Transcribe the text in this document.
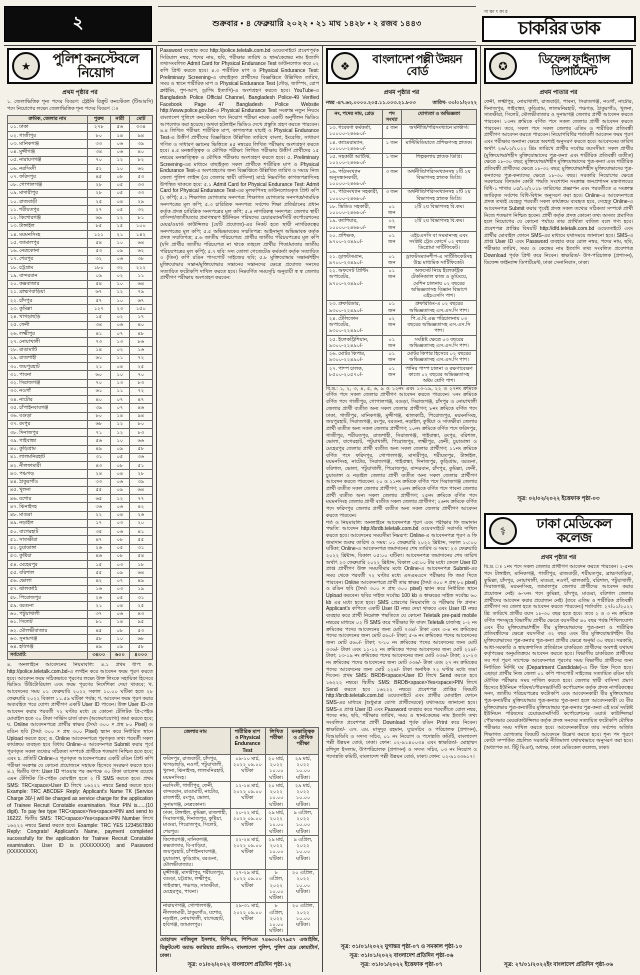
২	শুক্রবার • ৪ ফেব্রুয়ারি ২০২২ • ২১ মাঘ ১৪২৮ • ২ রজব ১৪৪৩
সা ক্ষা ৎ কা র
চাকরির ডাক
★
পুলিশ কনস্টেবলে নিয়োগ
প্রথম পৃষ্ঠার পর
১. জেলাভিত্তিক শূন্য পদের বিবরণ: ট্রেইনি রিক্রুট কনস্টেবল (টিআরসি) পদে নিয়োগের লক্ষ্যে জেলাভিত্তিক শূন্য পদের বিবরণ ঃ
ক্রমিক, জেলার নাম	পুরুষ	নারী	মোট
০১. ঢাকা	২৭৮	৫৬	৩৩৪
০২. গাজীপুর	৮০	১৪	৯৪
০৩. মানিকগঞ্জ	৩৩	০৬	৩৯
০৪. মুন্সীগঞ্জ	৩৪	০৬	৪০
০৫. নারায়ণগঞ্জ	৭০	১২	৮২
০৬. নরসিংদী	৫২	১০	৬২
০৭. ফরিদপুর	৪৫	০৮	৫৩
০৮. গোপালগঞ্জ	২৮	০৫	৩৩
০৯. মাদারীপুর	২৮	০৫	৩৩
১০. রাজবাড়ী	২৫	০৪	২৯
১১. শরীয়তপুর	২৭	০৫	৩২
১২. কিশোরগঞ্জ	৬৯	১২	৮১
১৩. টাঙ্গাইল	৮৫	১৫	১০০
১৪. ময়মনসিংহ	১২১	২১	১৪২
১৫. জামালপুর	৫৪	১০	৬৪
১৬. নেত্রকোনা	৫৩	০৯	৬২
১৭. শেরপুর	৩২	০৬	৩৮
১৮. চট্টগ্রাম	১৮০	৩২	২১২
১৯. বান্দরবান	০৯	০২	১১
২০. কক্সবাজার	৫৪	১০	৬৪
২১. ব্রাহ্মণবাড়িয়া	৬৭	১২	৭৯
২২. চাঁদপুর	৫৭	১০	৬৭
২৩. কুমিল্লা	১২৭	২৩	১৫০
২৪. খাগড়াছড়ি	১৫	০২	১৭
২৫. ফেনী	৩৪	০৬	৪০
২৬. লক্ষ্মীপুর	৪১	০৭	৪৮
২৭. নোয়াখালী	৭৩	১৩	৮৬
২৮. রাঙামাটি	১৪	০২	১৬
২৯. রাজশাহী	৬১	১১	৭২
৩০. জয়পুরহাট	২১	০৪	২৫
৩১. পাবনা	৬০	১০	৭০
৩২. সিরাজগঞ্জ	৭০	১৩	৮৩
৩৩. নওগাঁ	৬১	১১	৭২
৩৪. নাটোর	৪০	০৭	৪৭
৩৫. চাঁপাইনবাবগঞ্জ	৩৯	০৭	৪৬
৩৬. বগুড়া	৮০	১৪	৯৪
৩৭. রংপুর	৬৮	১২	৮০
৩৮. দিনাজপুর	৭১	১২	৮৩
৩৯. গাইবান্ধা	৫৬	১০	৬৬
৪০. কুড়িগ্রাম	৪৯	০৯	৫৮
৪১. লালমনিরহাট	৩১	০৫	৩৬
৪২. নীলফামারী	৪৩	০৮	৫১
৪৩. পঞ্চগড়	২৪	০৪	২৮
৪৪. ঠাকুরগাঁও	৩৩	০৬	৩৯
৪৫. খুলনা	৫৫	০৯	৬৪
৪৬. যশোর	৬৫	১২	৭৭
৪৭. ঝিনাইদহ	৩৬	০৬	৪২
৪৮. মাগুরা	২২	০৪	২৬
৪৯. নড়াইল	১৭	০৩	২০
৫০. বাগেরহাট	৩৫	০৬	৪১
৫১. সাতক্ষীরা	৪৭	০৮	৫৫
৫২. চুয়াডাঙ্গা	২৬	০৫	৩১
৫৩. কুষ্টিয়া	৪৬	০৮	৫৪
৫৪. মেহেরপুর	১৫	০৩	১৮
৫৫. বরিশাল	৫৫	০৯	৬৪
৫৬. ভোলা	৪২	০৭	৪৯
৫৭. ঝালকাঠি	১৬	০৩	১৯
৫৮. পিরোজপুর	২৬	০৫	৩১
৫৯. বরগুনা	২১	০৪	২৫
৬০. পটুয়াখালী	৩৭	০৬	৪৩
৬১. সিলেট	৮১	১৪	৯৫
৬২. মৌলভীবাজার	৪৫	০৮	৫৩
৬৩. সুনামগঞ্জ	৫৮	১০	৬৮
৬৪. হবিগঞ্জ	৪৯	০৯	৫৮
সর্বমোট:	৩৪০০	৬০০	৪০০০
৪. অনলাইনে আবেদনের নিয়মাবলি: ৪.১ প্রথম ধাপ: ক. http://police.teletalk.com.bd-এ লগইন করে আবেদন ফরম পূরণ করতে হবে। আবেদন ফরম সঠিকভাবে পূরণের লক্ষ্যে উক্ত লিংকে সহায়িকা হিসেবে ভিডিও টিউটোরিয়াল এবং ফরম পূরণের নির্দেশিকা দেয়া থাকবে; খ. আবেদনের সময় ০১ ফেব্রুয়ারি ২০২২ সকাল ১০.০০ ঘটিকা হতে ২৮ ফেব্রুয়ারি ২০২২ বিকাল ১১.৫৯ ঘটিকা পর্যন্ত; গ. আবেদন ফরম পূরণ করার অব্যবহিত পরে যোগ্য প্রার্থীগণ একটি User ID পাবেন। উক্ত User ID-তে আবেদন করার পরবর্তী ৭২ ঘণ্টার মধ্যে যে কোনো টেলিটক প্রি-পেইড মোবাইল হতে ৩০ টাকা সার্ভিস চার্জ বাবদ (অফেরৎযোগ্য) জমা করতে হবে; ঘ. Online আবেদনপত্রে প্রার্থীর স্বাক্ষর (দৈর্ঘ্য ৩০০ × প্রস্থ ৮০ Pixel) ও রঙিন ছবি (দৈর্ঘ্য ৩০০ × প্রস্থ ৩০০ Pixel) স্ক্যান করে নির্ধারিত স্থানে Upload করতে হবে; ঙ. Online আবেদনপত্রে পূরণকৃত তথ্য পরবর্তী সকল কার্যক্রমে ব্যবহৃত হবে বিধায় Online-এ আবেদনপত্র Submit করার পূর্বে পূরণকৃত সকল তথ্যের সঠিকতা সম্পর্কে প্রার্থীকে শতভাগ নিশ্চিত হতে হবে; এবং চ. প্রতিটি Online-এ পূরণকৃত আবেদনপত্রের একটি রঙিন প্রিন্ট কপি পরীক্ষা সংক্রান্ত যে কোনো প্রয়োজনে সহায়ক হিসেবে সংরক্ষণ করতে হবে। ৪.২ দ্বিতীয় ধাপ: User ID পাওয়ার পর কমপক্ষে ৩০ টাকা ব্যালেন্স রয়েছে এমন টেলিটক প্রি-পেইড মোবাইল হতে ২ টি SMS করতে হবে। প্রথম SMS: TRC<space>User ID লিখে ১৬২২২ নম্বরে Send করতে হবে। Example: TRC ABCDEF Reply: Applicant's Name TK (Service Charge 30/-) will be charged as service charge for the application of Trainee Recruit Constable examination. Your PIN is......(10 digit). To pay fee type TRC<space>Yes<space>PIN and send to 16222. দ্বিতীয় SMS: TRC<space>Yes<space>PIN Number লিখে ১৬২২২ নম্বরে Send করতে হবে। Example: TRC YES 1234567890 Reply: Congrats! Applicant's Name, payment completed successfully for the application for Trainee Recruit Constable examination. User ID is (XXXXXXXX) and Password (XXXXXXXX).
Password ব্যবহার করে http://police.teletalk.com.bd ওয়েবসাইটে প্রবেশপূর্বক সিরিয়াল নম্বর, পদের নাম, ছবি, পরীক্ষার তারিখ ও স্থান/কেন্দ্রের নাম ইত্যাদি তথ্যসংবলিত Admit Card for Physical Endurance Test ডাউনলোড করে ০২ কপি প্রিন্ট করতে হবে। ৪.৩ শারীরিক মাপ ও Physical Endurance Test: Preliminary Screening-এ বাছাইকৃত প্রার্থীদের বিজ্ঞপ্তিতে উল্লিখিত তারিখ, সময় ও স্থানে শারীরিক মাপ ও Physical Endurance Test (দৌড়, জাম্পিং, রোপ ক্লাইমিং, পুশ-আপ, ড্রাগিং ইত্যাদি)-এ অংশগ্রহণ করতে হবে। YouTube-এ Bangladesh Police Official Channel, Bangladesh Police-49 Verified Facebook Page 47 Bangladesh Police Website http://www.police.gov.bd-এ Physical Endurance Test সংক্রান্ত নতুন নিয়মে বাংলাদেশ পুলিশে কনস্টেবল পদে নিয়োগ পরীক্ষা নামক একটি অনুশীলন ভিডিও আপলোড করা হয়েছে। অথবা হটলাইন ভিডিও দেখে প্রস্তুতি গ্রহণ করতে পারবেন। ৪.৪ লিখিত পরীক্ষা: শারীরিক মাপ, কাগজপত্র যাচাই ও Physical Endurance Test-এ উত্তীর্ণ প্রার্থীদের বিজ্ঞপ্তিতে উল্লিখিত তারিখে বাংলা, ইংরেজি, সাধারণ গণিত ও সাধারণ জ্ঞানের ভিত্তিতে ৪৫ নম্বরের লিখিত পরীক্ষায় অংশগ্রহণ করতে হবে। ৪.৫ মনস্তাত্ত্বিক ও মৌখিক পরীক্ষা: লিখিত পরীক্ষায় উত্তীর্ণ প্রার্থীদের ১৫ নম্বরের মনস্তাত্ত্বিক ও মৌখিক পরীক্ষায় অংশগ্রহণ করতে হবে। ৫. Preliminary Screening-এর মাধ্যমে বাছাইকৃত সকল প্রার্থীকে শারীরিক মাপ ও Physical Endurance Test-এ অংশগ্রহণের জন্য বিজ্ঞপ্তিতে উল্লিখিত তারিখ ও সময়ে নিজ জেলা পুলিশ লাইন্স (যে জেলার স্থায়ী বাসিন্দা) মাঠে নিম্নবর্ণিত কাগজপত্রাদিসহ উপস্থিত থাকতে হবে: ৫.১ Admit Card for Physical Endurance Test: Admit Card for Physical Endurance Test-এর মূলকপিসহ ডাউনলোডকৃত প্রিন্ট কপি (২ কপি); ৫.২ শিক্ষাগত যোগ্যতার সনদপত্র: শিক্ষাগত যোগ্যতার সনদপত্র/সাময়িক সনদপত্রের মূল কপি; ৫.৩ চারিত্রিক সনদপত্র: সর্বশেষ শিক্ষা প্রতিষ্ঠানের প্রধান কর্তৃক প্রদত্ত চারিত্রিক সনদপত্রের মূল কপি; ৫.৪ নাগরিকত্ব সনদপত্র: জেলার স্থায়ী বাসিন্দা/জাতীয়তার প্রমাণস্বরূপ ইউনিয়ন পরিষদের চেয়ারম্যান/সিটি কর্পোরেশনের মেয়র/ওয়ার্ড কাউন্সিলর (যেটি প্রযোজ্য)-এর নিকট হতে স্থায়ী নাগরিকত্বের সনদপত্রের মূল কপি; ৫.৫ অভিভাবকের সম্মতিপত্র: আইনানুগ অভিভাবক কর্তৃক প্রদত্ত সম্মতিপত্র; ৫.৬ জাতীয় পরিচয়পত্র: প্রার্থীর জাতীয় পরিচয়পত্রের মূল কপি (যদি প্রার্থীর জাতীয় পরিচয়পত্র না থাকে তাহলে প্রার্থীর পিতা/মাতার জাতীয় পরিচয়পত্রের মূল কপি); ৫.৭ ছবি: সদ্য তোলা গেজেটেড কর্মকর্তা কর্তৃক সত্যায়িত ৩ (তিন) কপি রঙিন পাসপোর্ট সাইজের ছবি; ৫.৮ মুক্তিযোদ্ধার সন্তান/শহীদ মুক্তিযোদ্ধার সন্তান/মুক্তিযোদ্ধার সন্তানের সন্তানদের ক্ষেত্রে প্রযোজ্য সনদের সত্যায়িত ফটোকপি দাখিল করতে হবে। নিম্নবর্ণিত সময়সূচি অনুযায়ী স্ব স্ব জেলার প্রার্থীগণ পরীক্ষায় অংশগ্রহণ করবেন:
জেলার নাম	শারীরিক মাপ ও Physical Endurance Test	লিখিত পরীক্ষা	মনস্তাত্ত্বিক ও মৌখিক পরীক্ষা
ফরিদপুর, রাজবাড়ী, চাঁদপুর, খাগড়াছড়ি, নওগাঁ, পটুয়াখালী, খুলনা, ঝিনাইদহ, লালমনিরহাট, ময়মনসিংহ।	০৯-১০ মার্চ, ২০২২ ০৯.০০ ঘটিকা	২০ মার্চ, ২০২২ ১০.০০ ঘটিকা।	২৯ মার্চ, ২০২২ ১০.০০ ঘটিকা।
নরসিংদী, গাজীপুর, ফেনী, বান্দরবান, রাঙামাটি, নাটোর, রাজশাহী, রংপুর, ভোলা, সুনামগঞ্জ, নেত্রকোনা।	১২-১৪ মার্চ, ২০২২ ০৯.০০ ঘটিকা	২০ মার্চ, ২০২২ ১০.০০ ঘটিকা।	২৯ মার্চ, ২০২২ ১০.০০ ঘটিকা।
ঢাকা, টাঙ্গাইল, কুমিল্লা, রাজশাহী, সিরাজগঞ্জ, দিনাজপুর, কুষ্টিয়া, মাগুরা, পিরোজপুর, সিলেট, শেরপুর।	২০-২২ মার্চ, ২০২২ ০৯.০০ ঘটিকা	২৯ মার্চ, ২০২২ ১০.০০ ঘটিকা।	৯ এপ্রিল, ২০২২ ১০.০০ ঘটিকা।
কিশোরগঞ্জ, মানিকগঞ্জ, কক্সবাজার, বি-বাড়িয়া, জয়পুরহাট, চাঁপাইনবাবগঞ্জ, চুয়াডাঙ্গা, কুড়িগ্রাম, বরগুনা, মৌলভীবাজার।	২২-২৪ মার্চ, ২০২২ ০৯.০০ ঘটিকা	২৯ মার্চ, ২০২২ ১০.০০ ঘটিকা।	৯ এপ্রিল, ২০২২ ১০.০০ ঘটিকা।
মুন্সীগঞ্জ, মাদারীপুর, শরীয়তপুর, বগুড়া, চট্টগ্রাম, লক্ষ্মীপুর, গাইবান্ধা, পঞ্চগড়, সাতক্ষীরা, মেহেরপুর, পাবনা।	২৭-২৯ মার্চ, ২০২২ ০৯.০০ ঘটিকা	৮ এপ্রিল, ২০২২ ১০.০০ ঘটিকা।	২০ এপ্রিল, ২০২২ ১০.০০ ঘটিকা।
নারায়ণগঞ্জ, গোপালগঞ্জ, নীলফামারী, ঠাকুরগাঁও, যশোর, নড়াইল, নোয়াখালী, বাগেরহাট, হবিগঞ্জ, জামালপুর।	২৯-৩১ মার্চ, ২০২২ ০৯.০০ ঘটিকা	৮ এপ্রিল, ২০২২ ১০.০০ ঘটিকা।	২০ এপ্রিল, ২০২২ ১০.০০ ঘটিকা।
মোহাম্মদ নাজিবুল ইসলাম, বিপিএম, পিপিএম ৭৪৬৩০/২৭৯৫৭ এআইজি, রিক্রুটমেন্ট অ্যান্ড ক্যারিয়ার প্ল্যানিং-২ বাংলাদেশ পুলিশ, পুলিশ হেড কোয়ার্টার্স, ঢাকা।
সূত্র: ০১/০২/২০২২ বাংলাদেশ প্রতিদিন পৃষ্ঠা-১২
❖
বাংলাদেশ পল্লী উন্নয়ন বোর্ড
প্রথম পৃষ্ঠার পর
নম্বর -৪৭.৬২.০০০০.২০৫.১১.০০৩.২১.৮০৩	তারিখ- ৩০/০১/২০২২
নং, পদের নাম, গ্রেড	পদ সংখ্যা	যোগ্যতা ও অভিজ্ঞতা
১৩. গবেষণা কর্মকর্তা, ১০০০০-২৪৬৮০/-	৫ জন	অর্থনীতি/পরিসংখ্যানে মাস্টার্স।
১৪. ক্যামেরাম্যান, ১০০০০-২৪৬৮০/-	১ জন	মাল্টিমিডিয়াতে প্রশিক্ষণসহ স্নাতক।
১৫. সহকারী আর্টিস্ট, ১০২০০-২৪৬৮০/-	১ জন	শিল্পকলায় স্নাতক ডিগ্রি।
১৬. পরিসংখ্যান অনুসন্ধানকারী, ১০০০০-২৪৬৮০/-	৩ জন	অর্থনীতি/পরিসংখ্যানসহ ২টি ২য় বিভাগসহ স্নাতক ডিগ্রি।
১৭. পরিসংখ্যান সহকারী, ১০০০০-২৪৬৮০/-	৩ জন	অর্থনীতি/পরিসংখ্যানসহ ২টি ২য় বিভাগসহ স্নাতক ডিগ্রি।
১৮. ভিডিও সহকারী, ১০০০০-২৪৬৮০/-	০১ জন	২টি ২য় বিভাগসহ বি.কম।
১৯. ক্যাশিয়ার, ১০০০০-২৪৬৮০/-	০২ জন	২টি ২য় বিভাগসহ বি.কম।
২০. প্রশিক্ষক, ৯৭০০-২৩৪৯০/-	০১ জন	এইচএসসি বা সমমানসহ এবং সংশ্লিষ্ট ট্রেড কোর্সে ০২ বছরের ডিপ্লোমা সার্টিফিকেট।
২১. ড্রাফটসম্যান, ৯৭০০-২৩৪৯০/-	০১ জন	ড্রাফটসম্যানশীপ-এ সার্টিফিকেটসহ উচ্চ মাধ্যমিক সার্টিফিকেট।
২২. অফসেট প্রিন্টিং অপারেটর, ৯৭০০-২৩৪৯০/-	০১ জন	অফসেট নিয়ে ইলেকট্রিক টেকনিক্যাল কাজ ও ডুয়িংয়ে, মেশিন চালনায় ০২ বছরের অভিজ্ঞতাসহ বিজ্ঞান বিভাগে এইচএসসি পাশ।
২৩. প্রুফরিডার, ৯৩০০-২২৪৯০/-	০১ জন	প্রুফরিডিং-এ ০২ বছরের অভিজ্ঞতাসহ এস.এস.সি পাশ।
২৪. টেলিফোন অপারেটর, ৯৩০০-২২৪৯০/-	০২ জন	পি.এ.বি.এক্স পরিচালনায় ০৩ বছরের অভিজ্ঞতাসহ এস.এস.সি পাশ।
২৫. ইলেকট্রিশিয়ান, ৯৩০০-২২৪৯০/-	০১ জন	সংশ্লিষ্ট ক্ষেত্রে ০৩ বছরের অভিজ্ঞতাসহ এস.এস.সি পাশ।
২৬. মোটর কিপার, ৯৩০০-২২৪৯০/-	০১ জন	মোটর কিপার হিসেবে ০২ বছরের অভিজ্ঞতাসহ এস.এস.সি পাশ।
২৭. পাম্প চালক, ৮৫০০-২০৫৭০/-	০১ জন	পানির পাম্প চালনা ও রক্ষণাবেক্ষণ কাজে ০২ বছরের অভিজ্ঞতাসহ অষ্টম শ্রেণি পাশ।
বি.দ্র.: ১, ২, ৩, ৪, ৫, ৬, ৯ ও ১২নং এবং ১৩-১৯, ২২ ও ২৭নং ক্রমিকে বর্ণিত পদে সকল জেলার প্রার্থীগণ আবেদন করতে পারবেন। ৭নং ক্রমিকে বর্ণিত পদে গাজীপুর, গোপালগঞ্জ, বগুড়া, সিরাজগঞ্জ, চাঁদপুর ও নোয়াখালী জেলার প্রার্থী ব্যতীত অন্য সকল জেলার প্রার্থীগণ; ৮নং ক্রমিকে বর্ণিত পদে ঢাকা, গাজীপুর, মানিকগঞ্জ, মুন্সীগঞ্জ, ঝালকাঠি, পিরোজপুর, ময়মনসিংহ, জয়পুরহাট, সিরাজগঞ্জ, রংপুর, বরগুনা, নড়াইল, কুষ্টিয়া ও সাতক্ষীরা জেলার প্রার্থী ব্যতীত অন্য সকল জেলার প্রার্থীগণ; ১০নং ক্রমিকে বর্ণিত পদে ফরিদপুর, গাজীপুর, শরীয়তপুর, রাজশাহী, সিরাজগঞ্জ, গাইবান্ধা, রংপুর, বরিশাল, ভোলা, বাগেরহাট, পটুয়াখালী, পিরোজপুর, লক্ষ্মীপুর, ফেনী, চুয়াডাঙ্গা ও মেহেরপুর জেলার প্রার্থী ব্যতীত অন্য সকল জেলার প্রার্থীগণ; ১১নং ক্রমিকে বর্ণিত পদে ফরিদপুর, গোপালগঞ্জ, মাদারীপুর, শরীয়তপুর, টাঙ্গাইল, ময়মনসিংহ, নাটোর, সিরাজগঞ্জ, গাইবান্ধা, দিনাজপুর, কুড়িগ্রাম, বরগুনা, বরিশাল, ভোলা, পটুয়াখালী, পিরোজপুর, বান্দরবান, চাঁদপুর, কুমিল্লা, ফেনী, চুয়াডাঙ্গা ও নড়াইল জেলার প্রার্থী ব্যতীত অন্য সকল জেলার প্রার্থীগণ আবেদন করতে পারবেন। ২০ ও ২১নং ক্রমিকে বর্ণিত পদে সিরাজগঞ্জ জেলার প্রার্থী ব্যতীত সকল জেলার প্রার্থীগণ; ২৪নং ক্রমিকে বর্ণিত পদে পাবনা জেলার প্রার্থী ব্যতীত অন্য সকল জেলার প্রার্থীগণ; ২৫নং ক্রমিকে বর্ণিত পদে ময়মনসিংহ জেলার প্রার্থী ব্যতীত সকল জেলার প্রার্থীগণ; ২৬নং ক্রমিকে বর্ণিত পদে ফরিদপুর জেলার প্রার্থী ব্যতীত অন্য সকল জেলার প্রার্থীগণ আবেদন করতে পারবেন।
শর্ত ও নিয়মাবলি: অনলাইনে আবেদনপত্র পূরণ এবং পরীক্ষার ফি জমাদান পদ্ধতি: আবেদন http://brdb.teletalk.com.bd ওয়েবসাইটে সরাসরি দাখিল করতে হবে। আবেদনের সময়সীমা নিম্নরূপ: Online-এ আবেদনপত্র পূরণ ও ফি জমাদান শুরুর তারিখ ও সময়: ০১ ফেব্রুয়ারি ২০২২ খ্রিষ্টাব্দ, সকাল ১০:০০ ঘটিকা; Online-এ আবেদনপত্র জমাদানের শেষ তারিখ ও সময়: ২৩ ফেব্রুয়ারি ২০২২ খ্রিষ্টাব্দ, বিকাল ০৫:০০ ঘটিকা। আবেদনপত্র জমাদানের শেষ তারিখ অর্থাৎ ২৩ ফেব্রুয়ারি ২০২২ খ্রিষ্টাব্দ, বিকাল ০৫:০০ টার মধ্যে কেবল User ID প্রাপ্ত প্রার্থীগণ উক্ত সময়সীমার মধ্যে Online-এ আবেদনপত্র Submit-এর সময় থেকে পরবর্তী ৭২ ঘণ্টার মধ্যে এসএমএসে পরীক্ষার ফি জমা দিতে পারবেন। Online আবেদনপত্রে প্রার্থী তার স্বাক্ষর (দৈর্ঘ্য ৩০০ × প্রস্থ ৮০ pixel) ও রঙিন ছবি (দৈর্ঘ্য ৩০০ × প্রস্থ ৩০০ pixel) স্ক্যান করে নির্ধারিত স্থানে Upload করবেন। ছবির সাইজ সর্বোচ্চ 100 kb ও স্বাক্ষরের সাইজ সর্বোচ্চ ৬০ kb এর মধ্যে হতে হবে। SMS প্রেরণের নিয়মাবলি ও পরীক্ষার ফি প্রদান: Applicant's কপিতে একটি User ID নম্বর দেয়া থাকবে এবং User ID নম্বর ব্যবহার করে প্রার্থী নিম্নোক্ত পদ্ধতিতে যে কোনো Teletalk pre-paid mobile নম্বরের মাধ্যমে ০২ টি SMS করে পরীক্ষার ফি বাবদ Teletalk চার্জসহ ১-২ নং ক্রমিকের পদের আবেদনের জন্য মোট ৭৩৪/- টাকা এবং ৩-৪ নং ক্রমিকের পদের আবেদনের জন্য মোট ৫৬০/- টাকা; ৫-৬ নং ক্রমিকের পদের আবেদনের জন্য মোট ৫৬০/- টাকা; ৭-১০ নং ক্রমিকের পদের আবেদনের জন্য মোট ৩৩৬/- টাকা এবং ১১-১২ নং ক্রমিকের পদের আবেদনের জন্য মোট ২২৪/- টাকা; ১৩-১৯ নং ক্রমিকের পদের আবেদনের জন্য মোট ৩৩৬/- টাকা; ২০-২৩ নং ক্রমিকের পদের আবেদনের জন্য মোট ৩৩৬/- টাকা এবং ২৭ নং ক্রমিকের পদের আবেদনের জন্য মোট ২২৪/- টাকা অনধিক ৭২ ঘণ্টার মধ্যে জমা দিবেন। প্রথম SMS: BRDB<space>User ID লিখে Send করতে হবে ১৬২২২ নম্বরে। দ্বিতীয় SMS: BRDB<space>Yes<space>PIN লিখে Send করতে হবে ১৬২২২ নম্বরে। প্রবেশপত্র প্রাপ্তির বিষয়টি http://brdb.teletalk.com.bd ওয়েবসাইটে এবং প্রার্থীর মোবাইল ফোনে SMS-এর মাধ্যমে (শুধুমাত্র যোগ্য প্রার্থীদেরকে) যথাসময়ে জানানো হবে। SMS-এ প্রাপ্ত User ID এবং Password ব্যবহার করে পরবর্তীতে রোল নম্বর, পদের নাম, ছবি, পরীক্ষার তারিখ, সময় ও স্থান/কেন্দ্রের নাম ইত্যাদি তথ্য সংবলিত প্রবেশপত্র প্রার্থী Download পূর্বক রঙিন Print করে নিবেন। স্বাক্ষরিত/- এস. এম. মাসুদুর রহমান, যুগ্মসচিব ও পরিচালক (প্রশাসন), বিআরডিবি ও সদস্য সচিব, ০১ নং নিয়োগ ও পদোন্নতি কমিটি, বাংলাদেশ পল্লী উন্নয়ন বোর্ড, ঢাকা। ফোন: ০২-৯১৪০০৩৪ এবং স্বাক্ষরিত/- মোহাম্মদ রশিদুল ইসলাম, উপপরিচালক (প্রশাসন) ও সদস্য সচিব, ০৩ নং নিয়োগ ও পদোন্নতি কমিটি, বাংলাদেশ পল্লী উন্নয়ন বোর্ড, ঢাকা। ফোন: ০২-৯১৩৩৬১৭।
সূত্র: ৩১/০১/২০২২ যুগান্তর পৃষ্ঠা-০৭ ও সমকাল পৃষ্ঠা-১০
সূত্র: ৩১/০১/২০২২ বাংলাদেশ প্রতিদিন পৃষ্ঠা-০৬
সূত্র: ৩১/০১/২০২২ ইত্তেফাক পৃষ্ঠা-০৭
✪
ডিফেন্স ফাইন্যান্স ডিপার্টমেন্ট
প্রথম পাতার পর
ফেনী, লক্ষ্মীপুর, নোয়াখালী, রাজবাড়ী, পাবনা, সিরাজগঞ্জ, নওগাঁ, নাটোর, দিনাজপুর, গাইবান্ধা, কুড়িগ্রাম, লালমনিরহাট, পঞ্চগড়, ঠাকুরগাঁও, খুলনা, সাতক্ষীরা, সিলেট, মৌলভীবাজার ও সুনামগঞ্জ জেলার প্রার্থী আবেদন করতে পারবেন। ১৩নং ক্রমিকে বর্ণিত পদে সকল জেলার প্রার্থী আবেদন করতে পারবেন। তবে, সকল পদে সকল জেলার এতিম ও শারীরিক প্রতিবন্ধী প্রার্থীগণ আবেদন করতে পারবেন। নিয়োগবিধির শর্তাবলী আবেদন ফরম পূরণ এবং পরীক্ষার অন্যান্য ক্ষেত্রে অবশ্যই অনুসরণ করতে হবে। আবেদনের তারিখ অর্থাৎ ২৬/০২/২০২২ খ্রিঃ তারিখে প্রার্থীর সর্বোচ্চ বয়সসীমা: সকল প্রার্থীর (মুক্তিযোদ্ধা/শহীদ মুক্তিযোদ্ধাদের পুত্র-কন্যা এবং শারীরিক প্রতিবন্ধী ব্যতীত) ক্ষেত্রে ১৮-৩০ বছর; মুক্তিযোদ্ধা/শহীদ মুক্তিযোদ্ধাদের পুত্র-কন্যা এবং শারীরিক প্রতিবন্ধী প্রার্থীদের ক্ষেত্রে ১৮-৩২ বছর; মুক্তিযোদ্ধা/শহীদ মুক্তিযোদ্ধাদের পুত্র-কন্যাদের পুত্র-কন্যাদের ক্ষেত্রে ১৮-৩০ বছর। সরকারি নিয়োগের ক্ষেত্রে সরকারের বিদ্যমান কোটা পদ্ধতি সংশোধন সংক্রান্ত জনপ্রশাসন মন্ত্রণালয়ের বিধি-১ শাখার ০৫/১২/২০১৮ তারিখের প্রজ্ঞাপন এবং পরবর্তীতে এ সংক্রান্ত জারিকৃত সর্বশেষ বিধি-বিধান অনুসরণ করা হবে। Online-এ আবেদনপত্রে প্রদত্ত তথ্যই যেহেতু পরবর্তী সকল কার্যক্রমে ব্যবহৃত হবে, সেহেতু Online-এ আবেদনপত্র Submit করার পূর্বেই প্রদত্ত সকল তথ্যের সঠিকতা সম্পর্কে প্রার্থী নিজে শতভাগ নিশ্চিত হবেন। প্রার্থী কর্তৃক প্রদত্ত কোনো তথ্য অসত্য প্রমাণিত হলে নিয়োগের যে কোনো পর্যায়ে তার প্রার্থিতা বাতিল বলে গণ্য হবে। প্রবেশপত্র প্রাপ্তির বিষয়টি http://dfd.teletalk.com.bd ওয়েবসাইটে এবং প্রার্থীর মোবাইল ফোনে SMS-এর মাধ্যমে যথাসময়ে জানানো হবে। SMS-এ প্রাপ্ত User ID এবং Password ব্যবহার করে রোল নম্বর, পদের নাম, ছবি, পরীক্ষার তারিখ, সময় ও কেন্দ্রের নাম ইত্যাদি তথ্য সংবলিত প্রবেশপত্র Download পূর্বক প্রিন্ট করে নিবেন। স্বাক্ষরিত/- উপ-পরিচালক (প্রশাসন), ডিফেন্স ফাইন্যান্স ডিপার্টমেন্ট, ঢাকা সেনানিবাস, ঢাকা।
সূত্র: ০২/০২/২০২২ ইত্তেফাক পৃষ্ঠা-০৩
⚕
ঢাকা মেডিকেল কলেজ
প্রথম পৃষ্ঠার পর
বি.দ্র.ঃ ১নং পদে সকল জেলার প্রার্থীগণ আবেদন করতে পারবেন। ২-৫নং পদে টাঙ্গাইল, মানিকগঞ্জ, গাজীপুর, রাজবাড়ী, শরীয়তপুর, ব্রাহ্মণবাড়িয়া, কুমিল্লা, চাঁদপুর, নোয়াখালী, মাগুরা, নওগাঁ, ঝালকাঠি, বরিশাল, পটুয়াখালী, সিরাজগঞ্জ, ময়মনসিংহ, জামালপুর জেলার প্রার্থীদের আবেদন করার প্রয়োজন নেই। ৬-৭নং পদে কুমিল্লা, চাঁদপুর, মাগুরা, বরিশাল জেলার প্রার্থীদের আবেদন করার প্রয়োজন নেই। (তবে এতিম ও শারীরিক প্রতিবন্ধী প্রার্থীগণ সব জেলা হতে আবেদন করতে পারবেন।) শর্তাবলি: ২৭/০১/২০২২ খ্রি: তারিখে প্রার্থীর বয়স ১৮-৩০ বছর হতে হবে। তবে ২ ও ৩ নং ক্রমিকে বর্ণিত পদসমূহে বিভাগীয় প্রার্থীর ক্ষেত্রে বয়সসীমা ৪০ বছর পর্যন্ত শিথিলযোগ্য এবং বীর মুক্তিযোদ্ধা/শহীদ বীর মুক্তিযোদ্ধাদের পুত্র-কন্যা ও শারীরিক প্রতিবন্ধীদের ক্ষেত্রে বয়সসীমা ৩২ বছর এবং বীর মুক্তিযোদ্ধা/শহীদ বীর মুক্তিযোদ্ধাদের পুত্র-কন্যার পুত্র-কন্যা প্রার্থীর ক্ষেত্রে অনূর্ধ্ব ৩০ বছর। সরকারি, আধা-সরকারি ও স্বায়ত্তশাসিত প্রতিষ্ঠানে চাকরিরত প্রার্থীদের অবশ্যই যথাযথ কর্তৃপক্ষের অনুমতিক্রমে আবেদন করতে হবে। বিভাগীয় চাকরিরত প্রার্থীদের সব শর্ত পূরণ সাপেক্ষে আবেদনপত্র পূরণের সময় বিভাগীয় প্রার্থীদের জন্য নির্ধারিত নির্দিষ্ট ঘর (Department Candidate)-এ টিক চিহ্ন দিতে হবে। এছাড়া প্রার্থীর নিজ জেলা ০১ কপি পাসপোর্ট সাইজের সত্যায়িত রঙিন ছবি মৌখিক পরীক্ষার সময় দাখিল করতে হবে। জেলার স্থায়ী বাসিন্দা প্রমাণ হিসেবে ইউনিয়ন পরিষদ/পৌরসভা/সিটি কর্পোরেশন কর্তৃক প্রদত্ত নাগরিকত্বের সনদ, জাতীয় পরিচয়পত্রের ফটোকপি এবং আবেদনকারী বীর মুক্তিযোদ্ধার পুত্র-কন্যা/বীর মুক্তিযোদ্ধার পুত্র-কন্যার পুত্র-কন্যা হলে আবেদনকারী যে বীর মুক্তিযোদ্ধার পুত্র-কন্যা/বীর মুক্তিযোদ্ধার পুত্র-কন্যার পুত্র-কন্যা এই মর্মে সংশ্লিষ্ট ইউনিয়ন পরিষদের চেয়ারম্যান/সিটি কর্পোরেশনের ওয়ার্ড কাউন্সিলর/পৌরসভার মেয়র/কাউন্সিলর কর্তৃক প্রদত্ত সনদের সত্যায়িত ফটোকপি মৌখিক পরীক্ষার সময় দাখিল করতে হবে। আবেদনকারীকে তার সর্বশেষ অর্জিত শিক্ষাগত যোগ্যতার বিষয়টি আবেদনে উল্লেখ করতে হবে। শূন্য পদ পূরণে কোটা সম্পর্কিত প্রচলিত সরকারি নীতিমালা যথাযথভাবে অনুসরণ করা হবে। (অধ্যাপক ডা. টিটু মিঞা), অধ্যক্ষ, ঢাকা মেডিকেল কলেজ, ঢাকা।
সূত্র: ২৭/০১/২০২২ইং বাংলাদেশ প্রতিদিন পৃষ্ঠা-০৬
